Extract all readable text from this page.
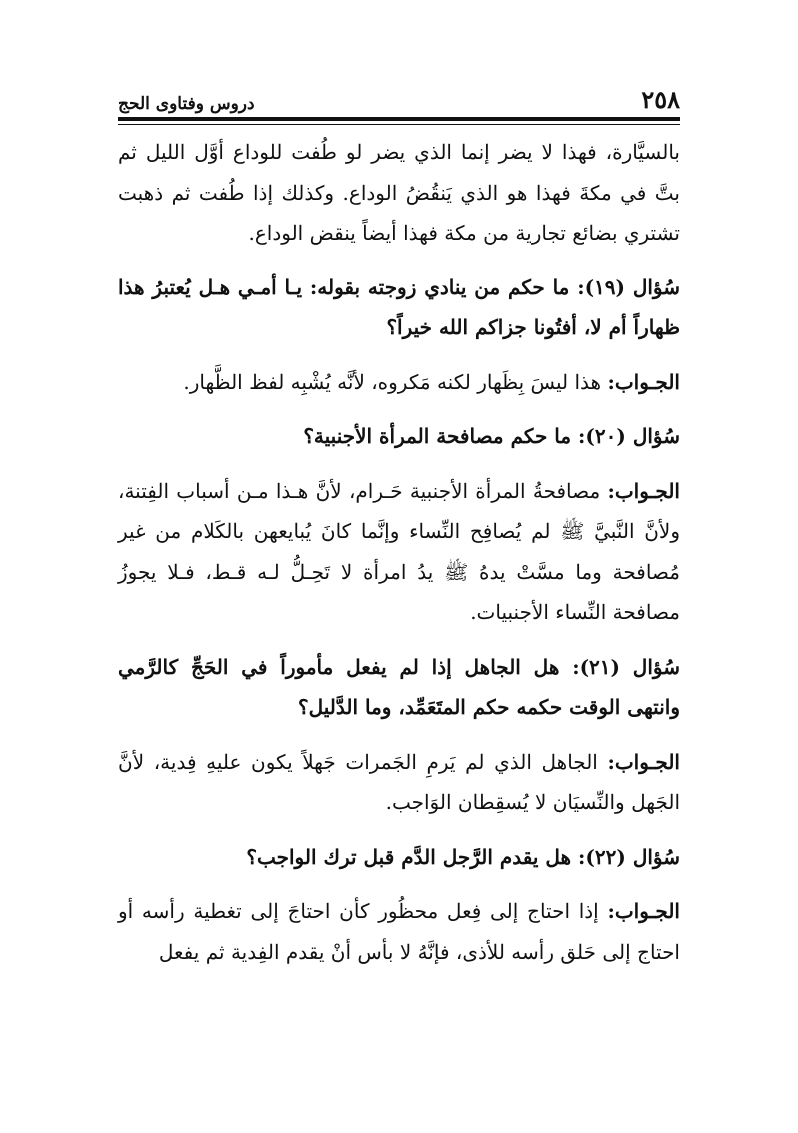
٢٥٨
دروس وفتاوى الحج

بالسيَّارة، فهذا لا يضر إنما الذي يضر لو طُفت للوداع أوَّل الليل ثم بتَّ في مكةَ فهذا هو الذي يَنقُضُ الوداع. وكذلك إذا طُفت ثم ذهبت تشتري بضائع تجارية من مكة فهذا أيضاً ينقض الوداع.

سُؤال (١٩): ما حكم من ينادي زوجته بقوله: يـا أمـي هـل يُعتبرُ هذا ظهاراً أم لا، أفتُونا جزاكم الله خيراً؟

الجـواب: هذا ليسَ بِظَهار لكنه مَكروه، لأنَّه يُشْبِه لفظ الظَّهار.

سُؤال (٢٠): ما حكم مصافحة المرأة الأجنبية؟

الجـواب: مصافحةُ المرأة الأجنبية حَـرام، لأنَّ هـذا مـن أسباب الفِتنة، ولأنَّ النَّبيَّ ﷺ لم يُصافِح النِّساء وإنَّما كانَ يُبايعهن بالكَلام من غير مُصافحة وما مسَّتْ يدهُ ﷺ يدُ امرأة لا تَحِـلُّ لـه قـط، فـلا يجوزُ مصافحة النِّساء الأجنبيات.

سُؤال (٢١): هل الجاهل إذا لم يفعل مأموراً في الحَجِّ كالرَّمي وانتهى الوقت حكمه حكم المتَعَمِّد، وما الدَّليل؟

الجـواب: الجاهل الذي لم يَرمِ الجَمرات جَهلاً يكون عليهِ فِدية، لأنَّ الجَهل والنِّسيَان لا يُسقِطان الوَاجب.

سُؤال (٢٢): هل يقدم الرَّجل الدَّم قبل ترك الواجب؟

الجـواب: إذا احتاج إلى فِعل محظُور كأن احتاجَ إلى تغطية رأسه أو احتاج إلى حَلق رأسه للأذى، فإنَّهُ لا بأس أنْ يقدم الفِدية ثم يفعل
